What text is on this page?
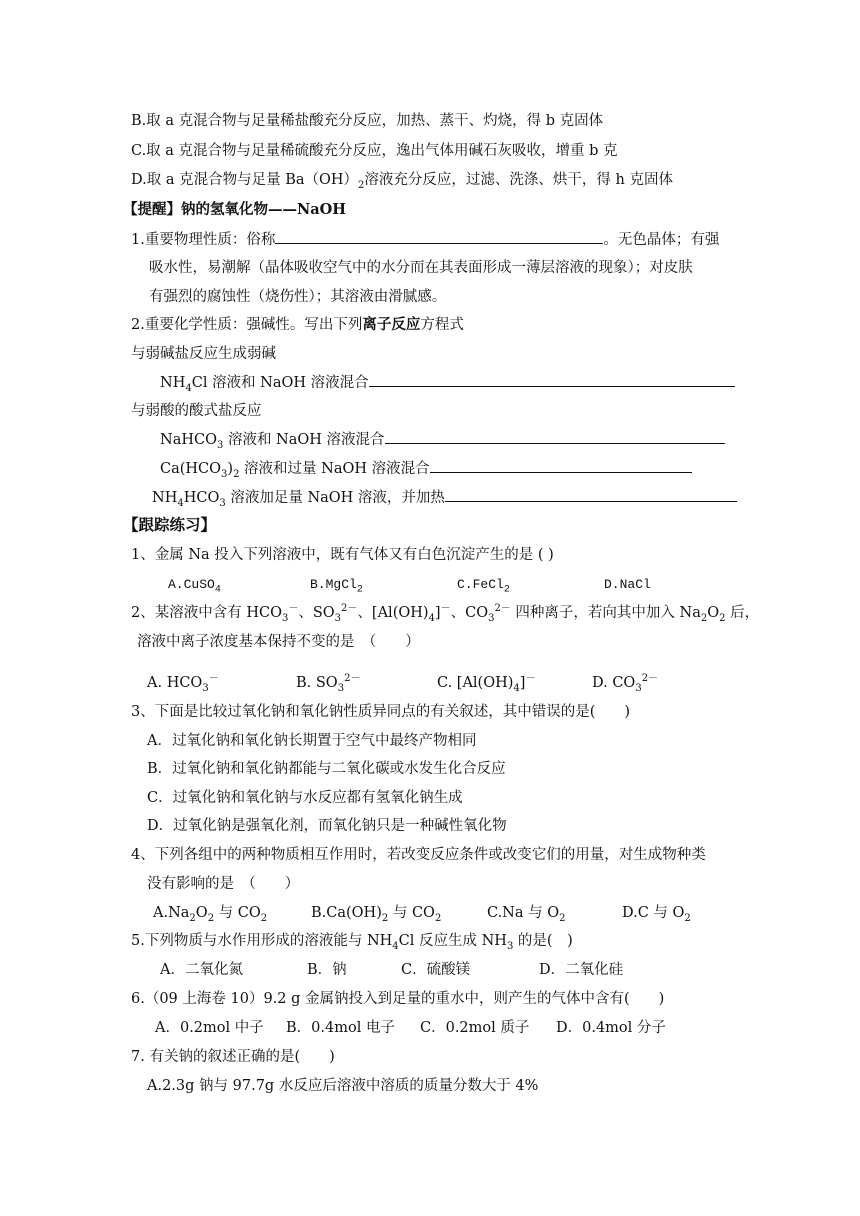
B.取 a 克混合物与足量稀盐酸充分反应，加热、蒸干、灼烧，得 b 克固体
C.取 a 克混合物与足量稀硫酸充分反应，逸出气体用碱石灰吸收，增重 b 克
D.取 a 克混合物与足量 $Ba(OH)_2$溶液充分反应，过滤、洗涤、烘干，得 h 克固体
【提醒】钠的氢氧化物——NaOH
1.重要物理性质：俗称	。无色晶体；有强
吸水性，易潮解（晶体吸收空气中的水分而在其表面形成一薄层溶液的现象）；对皮肤
有强烈的腐蚀性（烧伤性）；其溶液由滑腻感。
2.重要化学性质：强碱性。写出下列离子反应方程式
与弱碱盐反应生成弱碱
$NH_4Cl$ 溶液和 NaOH 溶液混合
与弱酸的酸式盐反应
NaHCO$_3$ 溶液和 NaOH 溶液混合
$Ca(HCO_3)_2$ 溶液和过量 NaOH 溶液混合
$NH_4HCO_3$ 溶液加足量 NaOH 溶液，并加热
【跟踪练习】
1、金属 Na 投入下列溶液中，既有气体又有白色沉淀产生的是 ( )
A.CuSO$_4$	B.MgCl$_2$	C.FeCl$_2$	D.NaCl
2、某溶液中含有 $HCO_3^-$、$SO_3^{2-}$、$[Al(OH)_4]^-$、$CO_3^{2-}$ 四种离子，若向其中加入 $Na_2O_2$ 后，
溶液中离子浓度基本保持不变的是　（　　）
A. $HCO_3^-$	B. $SO_3^{2-}$	C. $[Al(OH)_4]^-$	D. $CO_3^{2-}$
3、下面是比较过氧化钠和氧化钠性质异同点的有关叙述，其中错误的是(　　)
A．过氧化钠和氧化钠长期置于空气中最终产物相同
B．过氧化钠和氧化钠都能与二氧化碳或水发生化合反应
C．过氧化钠和氧化钠与水反应都有氢氧化钠生成
D．过氧化钠是强氧化剂，而氧化钠只是一种碱性氧化物
4、下列各组中的两种物质相互作用时，若改变反应条件或改变它们的用量，对生成物种类
没有影响的是　（　　）
$A.Na_2O_2$ 与 $CO_2$	$B.Ca(OH)_2$ 与 $CO_2$	C.Na 与 $O_2$	D.C 与 $O_2$
5.下列物质与水作用形成的溶液能与 $NH_4Cl$ 反应生成 $NH_3$ 的是(　)
A．二氧化氮	B．钠	C．硫酸镁	D．二氧化硅
6.（09 上海卷 10）9.2 g 金属钠投入到足量的重水中，则产生的气体中含有(　　)
A．0.2mol 中子 B．0.4mol 电子 C．0.2mol 质子 D．0.4mol 分子
7. 有关钠的叙述正确的是(　　)
A.2.3g 钠与 97.7g 水反应后溶液中溶质的质量分数大于 4%
